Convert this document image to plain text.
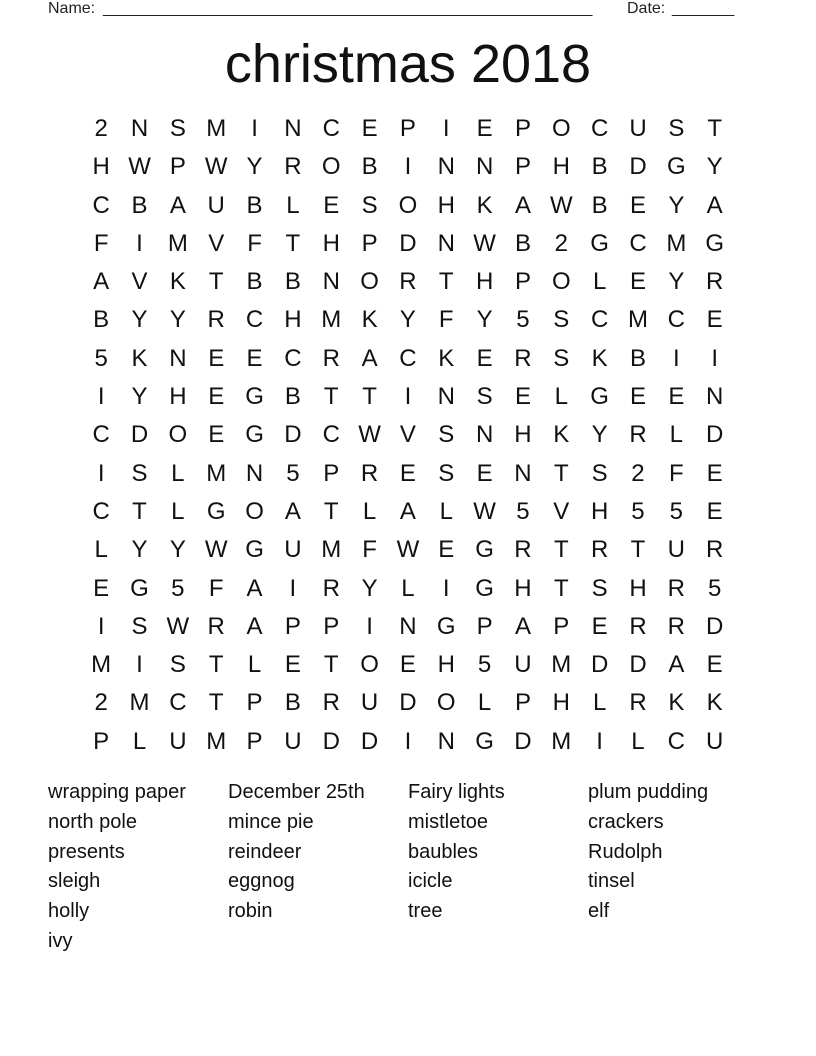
Name: _______________________________________________________ Date: _______
christmas 2018
2 N S M	I	N C E P	I	E P O C U S T
H W P W Y R O B	I	N N P H B D G Y
C B A U B L E S O H K A W B E Y A
F	I	M V F T H P D N W B 2 G C M G
A V K T B B N O R T H P O L E Y R
B Y Y R C H M K Y F Y 5 S C M C E
5 K N E E C R A C K E R S K B	I	I
I	Y H E G B T T	I	N S E L G E E N
C D O E G D C W V S N H K Y R L D
I	S L M N 5 P R E S E N T S 2	F E
C T	L G O A T	L A L W 5 V H 5	5 E
L Y Y W G U M F W E G R T R T U R
E G 5	F A	I	R Y L	I	G H T S H R 5
I	S W R A P P	I	N G P A P E R R D
M	I	S T	L E T O E H 5 U M D D A E
2 M C T P B R U D O L P H L R K K
P L U M P U D D	I	N G D M	I	L C U
wrapping paper	December 25th	Fairy lights	plum pudding
north pole	mince pie	mistletoe	crackers
presents	reindeer	baubles	Rudolph
sleigh	eggnog	icicle	tinsel
holly	robin	tree	elf
ivy
